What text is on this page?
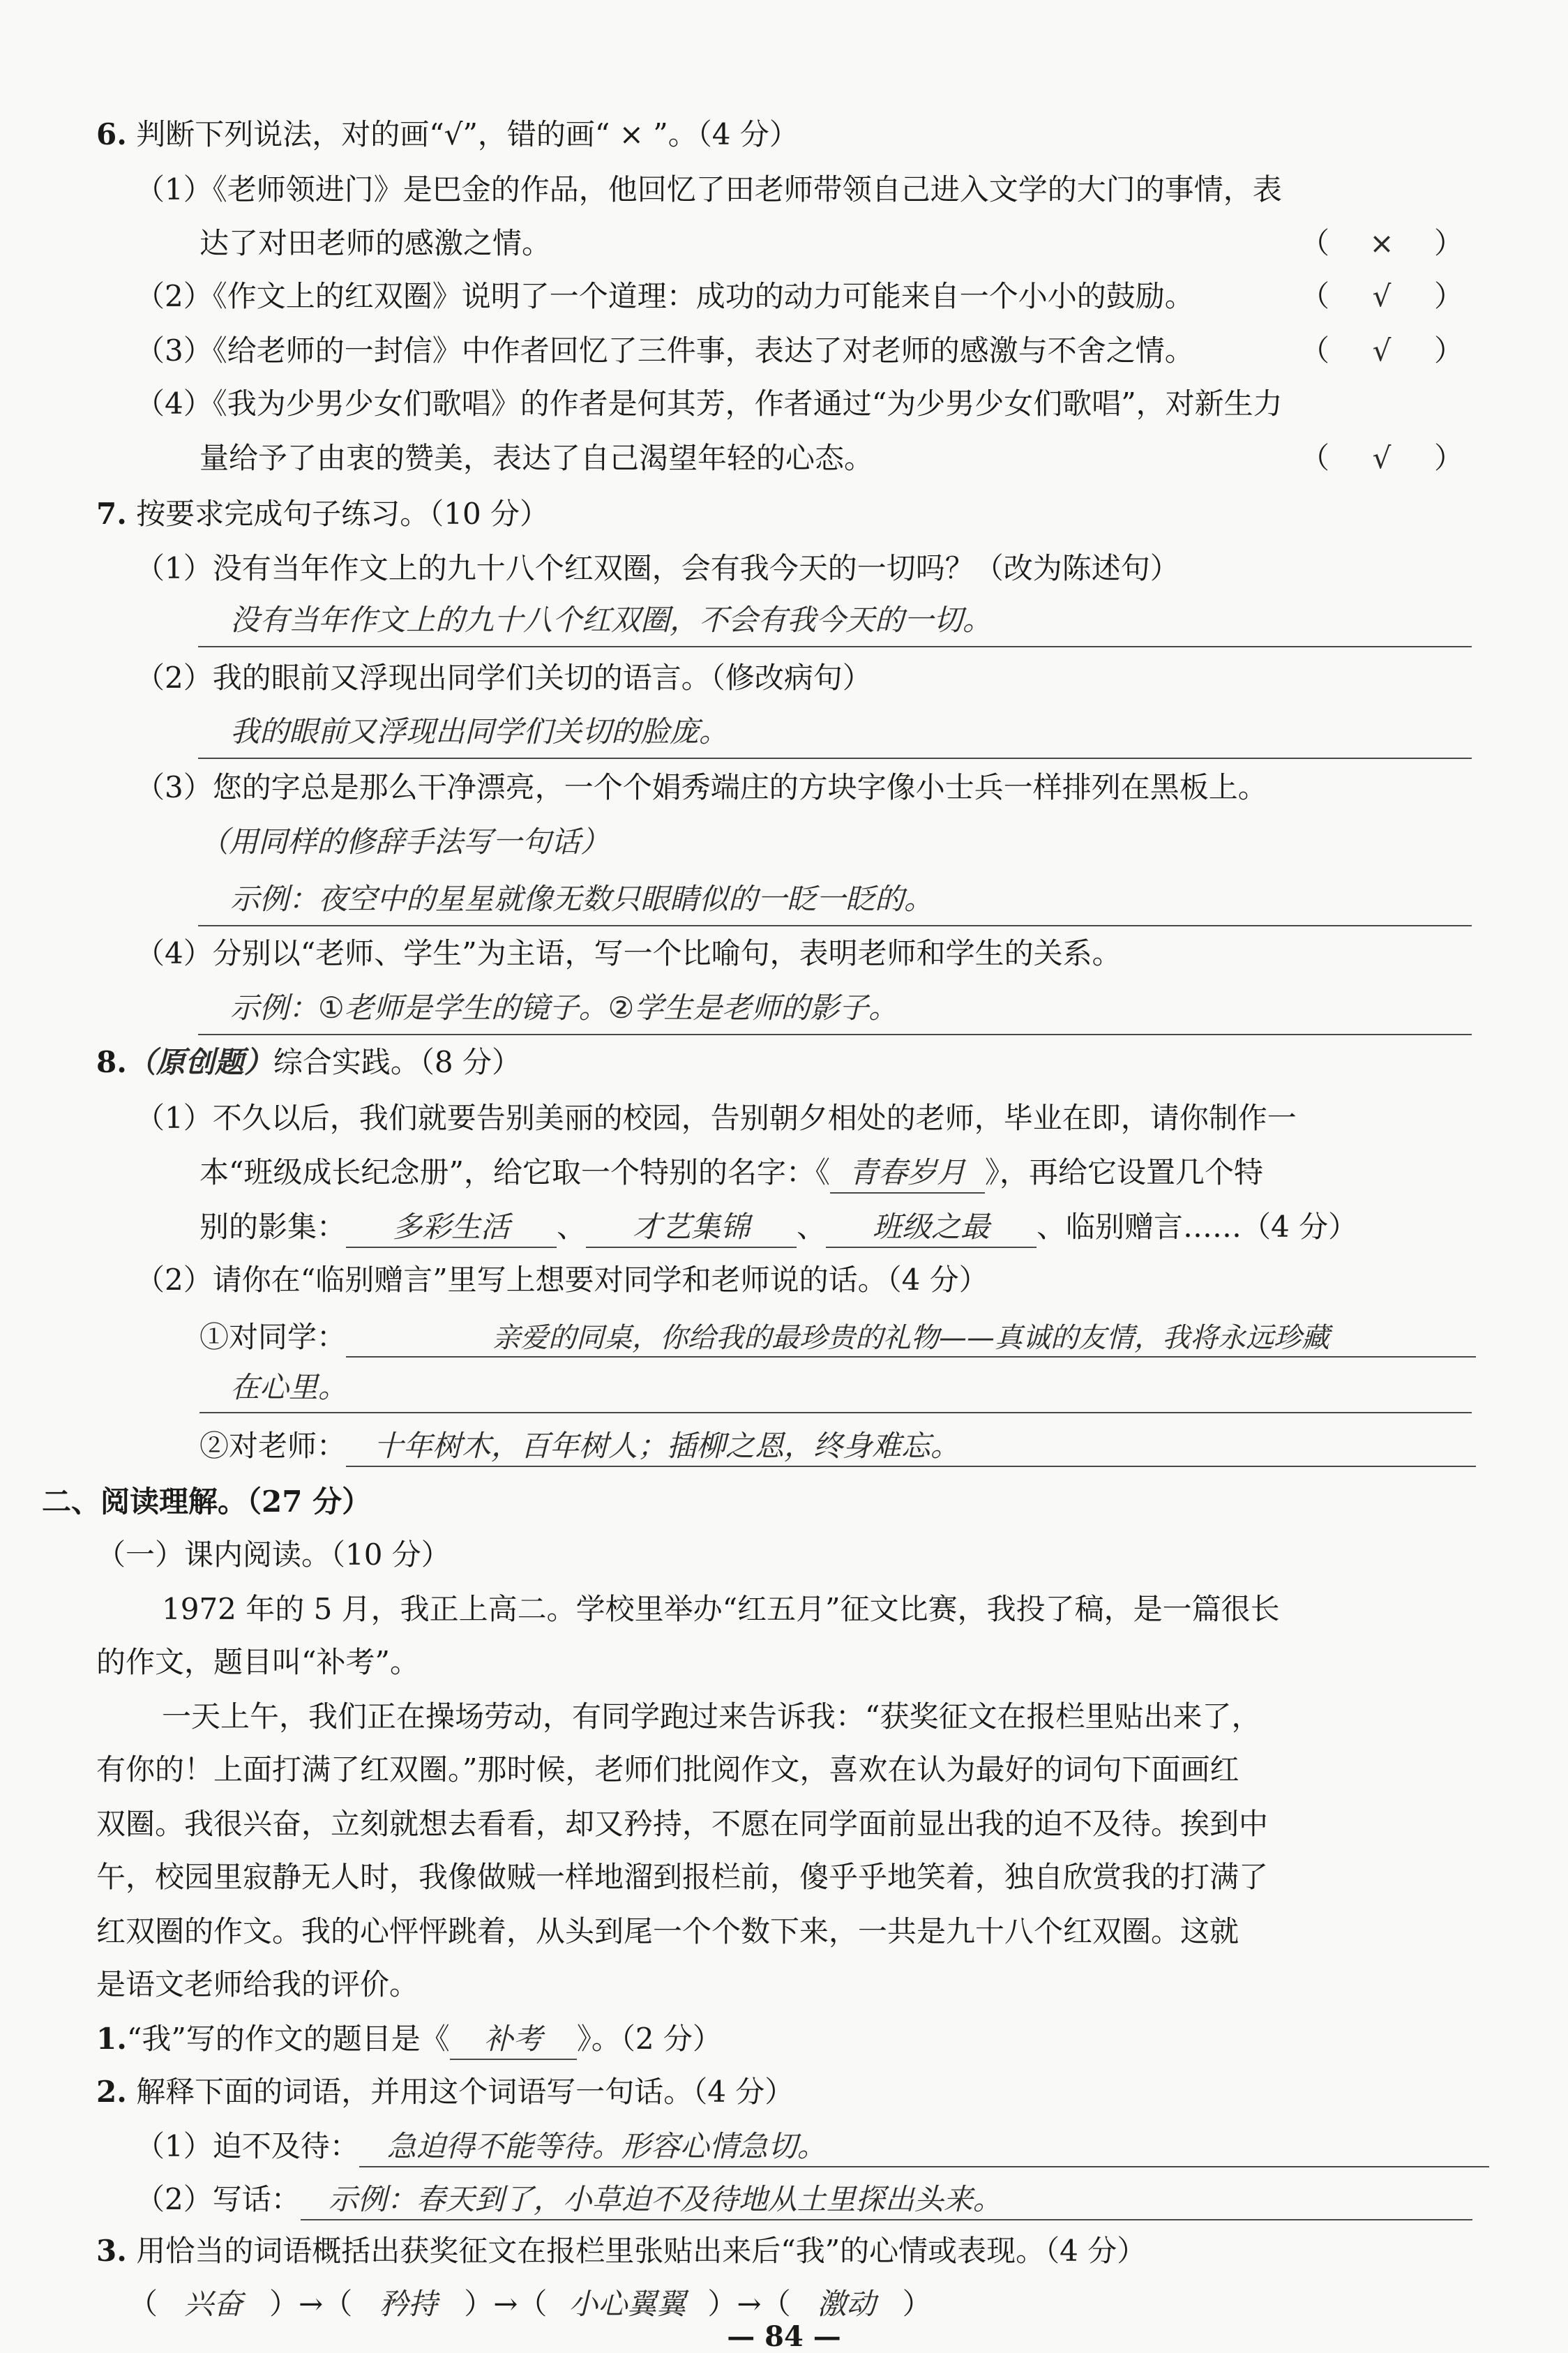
6. 判断下列说法，对的画“√”，错的画“ × ”。（4 分）
（1）《老师领进门》是巴金的作品，他回忆了田老师带领自己进入文学的大门的事情，表
达了对田老师的感激之情。	（ × ）
（2）《作文上的红双圈》说明了一个道理：成功的动力可能来自一个小小的鼓励。	（ √ ）
（3）《给老师的一封信》中作者回忆了三件事，表达了对老师的感激与不舍之情。	（ √ ）
（4）《我为少男少女们歌唱》的作者是何其芳，作者通过“为少男少女们歌唱”，对新生力
量给予了由衷的赞美，表达了自己渴望年轻的心态。	（ √ ）
7. 按要求完成句子练习。（10 分）
（1）没有当年作文上的九十八个红双圈，会有我今天的一切吗？（改为陈述句）
没有当年作文上的九十八个红双圈，不会有我今天的一切。
（2）我的眼前又浮现出同学们关切的语言。（修改病句）
我的眼前又浮现出同学们关切的脸庞。
（3）您的字总是那么干净漂亮，一个个娟秀端庄的方块字像小士兵一样排列在黑板上。
（用同样的修辞手法写一句话）
示例：夜空中的星星就像无数只眼睛似的一眨一眨的。
（4）分别以“老师、学生”为主语，写一个比喻句，表明老师和学生的关系。
示例：①老师是学生的镜子。②学生是老师的影子。
8.（原创题）综合实践。（8 分）
（1）不久以后，我们就要告别美丽的校园，告别朝夕相处的老师，毕业在即，请你制作一
本“班级成长纪念册”，给它取一个特别的名字：《 青春岁月 》，再给它设置几个特
别的影集： 多彩生活 、 才艺集锦 、 班级之最 、临别赠言……（4 分）
（2）请你在“临别赠言”里写上想要对同学和老师说的话。（4 分）
①对同学：	亲爱的同桌，你给我的最珍贵的礼物——真诚的友情，我将永远珍藏
在心里。
②对老师： 十年树木，百年树人；插柳之恩，终身难忘。
二、阅读理解。（27 分）
（一）课内阅读。（10 分）
1972 年的 5 月，我正上高二。学校里举办“红五月”征文比赛，我投了稿，是一篇很长
的作文，题目叫“补考”。
一天上午，我们正在操场劳动，有同学跑过来告诉我：“获奖征文在报栏里贴出来了，
有你的！上面打满了红双圈。”那时候，老师们批阅作文，喜欢在认为最好的词句下面画红
双圈。我很兴奋，立刻就想去看看，却又矜持，不愿在同学面前显出我的迫不及待。挨到中
午，校园里寂静无人时，我像做贼一样地溜到报栏前，傻乎乎地笑着，独自欣赏我的打满了
红双圈的作文。我的心怦怦跳着，从头到尾一个个数下来，一共是九十八个红双圈。这就
是语文老师给我的评价。
1.“我”写的作文的题目是《 补考 》。（2 分）
2. 解释下面的词语，并用这个词语写一句话。（4 分）
（1）迫不及待： 急迫得不能等待。形容心情急切。
（2）写话： 示例：春天到了，小草迫不及待地从土里探出头来。
3. 用恰当的词语概括出获奖征文在报栏里张贴出来后“我”的心情或表现。（4 分）
（ 兴奋 ）→（ 矜持 ）→（ 小心翼翼 ）→（ 激动 ）
— 84 —
